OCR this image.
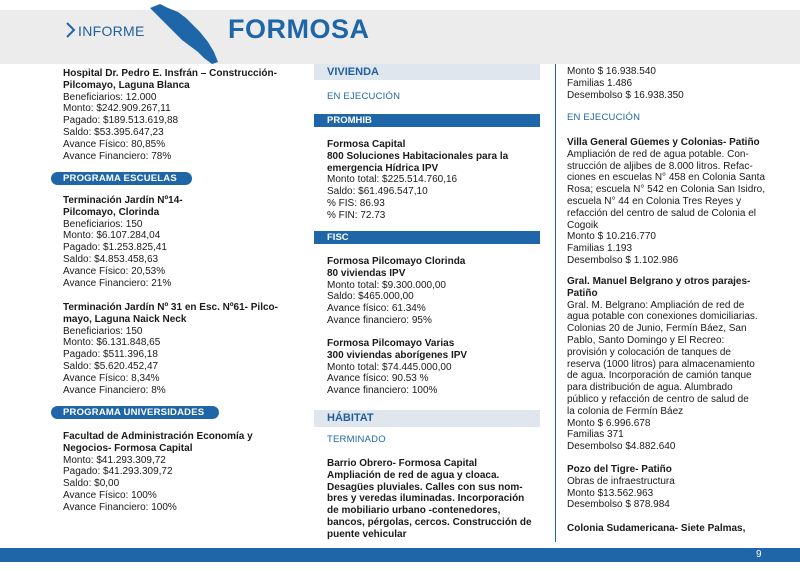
INFORME	FORMOSA

Hospital Dr. Pedro E. Insfrán – Construcción-

Pilcomayo, Laguna Blanca

Beneficiarios: 12.000

Monto: $242.909.267,11

Pagado: $189.513.619,88

Saldo: $53.395.647,23

Avance Físico: 80,85%

Avance Financiero: 78%

PROGRAMA ESCUELAS

Terminación Jardín Nº14-

Pilcomayo, Clorinda

Beneficiarios: 150

Monto: $6.107.284,04

Pagado: $1.253.825,41

Saldo: $4.853.458,63

Avance Físico: 20,53%

Avance Financiero: 21%

Terminación Jardín Nº 31 en Esc. Nº61- Pilco-

mayo, Laguna Naick Neck

Beneficiarios: 150

Monto: $6.131.848,65

Pagado: $511.396,18

Saldo: $5.620.452,47

Avance Físico: 8,34%

Avance Financiero: 8%

PROGRAMA UNIVERSIDADES

Facultad de Administración Economía y

Negocios- Formosa Capital

Monto: $41.293.309,72

Pagado: $41.293.309,72

Saldo: $0,00

Avance Físico: 100%

Avance Financiero: 100%

VIVIENDA
EN EJECUCIÓN
PROMHIB

Formosa Capital

800 Soluciones Habitacionales para la

emergencia Hídrica IPV

Monto total: $225.514.760,16

Saldo: $61.496.547,10

% FIS: 86.93

% FIN: 72.73

FISC

Formosa Pilcomayo Clorinda

80 viviendas IPV

Monto total: $9.300.000,00

Saldo: $465.000,00

Avance físico: 61.34%

Avance financiero: 95%

Formosa Pilcomayo Varias

300 viviendas aborígenes IPV

Monto total: $74.445.000,00

Avance físico: 90.53 %

Avance financiero: 100%

HÁBITAT
TERMINADO

Barrio Obrero- Formosa Capital

Ampliación de red de agua y cloaca.

Desagües pluviales. Calles con sus nom-

bres y veredas iluminadas. Incorporación

de mobiliario urbano -contenedores,

bancos, pérgolas, cercos. Construcción de

puente vehicular

Monto $ 16.938.540

Familias 1.486

Desembolso $ 16.938.350

EN EJECUCIÓN

Villa General Güemes y Colonias- Patiño

Ampliación de red de agua potable. Con-

strucción de aljibes de 8.000 litros. Refac-

ciones en escuelas N° 458 en Colonia Santa

Rosa; escuela N° 542 en Colonia San Isidro,

escuela N° 44 en Colonia Tres Reyes y

refacción del centro de salud de Colonia el

Cogoik

Monto $ 10.216.770

Familias 1.193

Desembolso $ 1.102.986

Gral. Manuel Belgrano y otros parajes-

Patiño

Gral. M. Belgrano: Ampliación de red de

agua potable con conexiones domiciliarias.

Colonias 20 de Junio, Fermín Báez, San

Pablo, Santo Domingo y El Recreo:

provisión y colocación de tanques de

reserva (1000 litros) para almacenamiento

de agua. Incorporación de camión tanque

para distribución de agua. Alumbrado

público y refacción de centro de salud de

la colonia de Fermín Báez

Monto $ 6.996.678

Familias 371

Desembolso $4.882.640

Pozo del Tigre- Patiño

Obras de infraestructura

Monto $13.562.963

Desembolso $ 878.984

Colonia Sudamericana- Siete Palmas,

9
